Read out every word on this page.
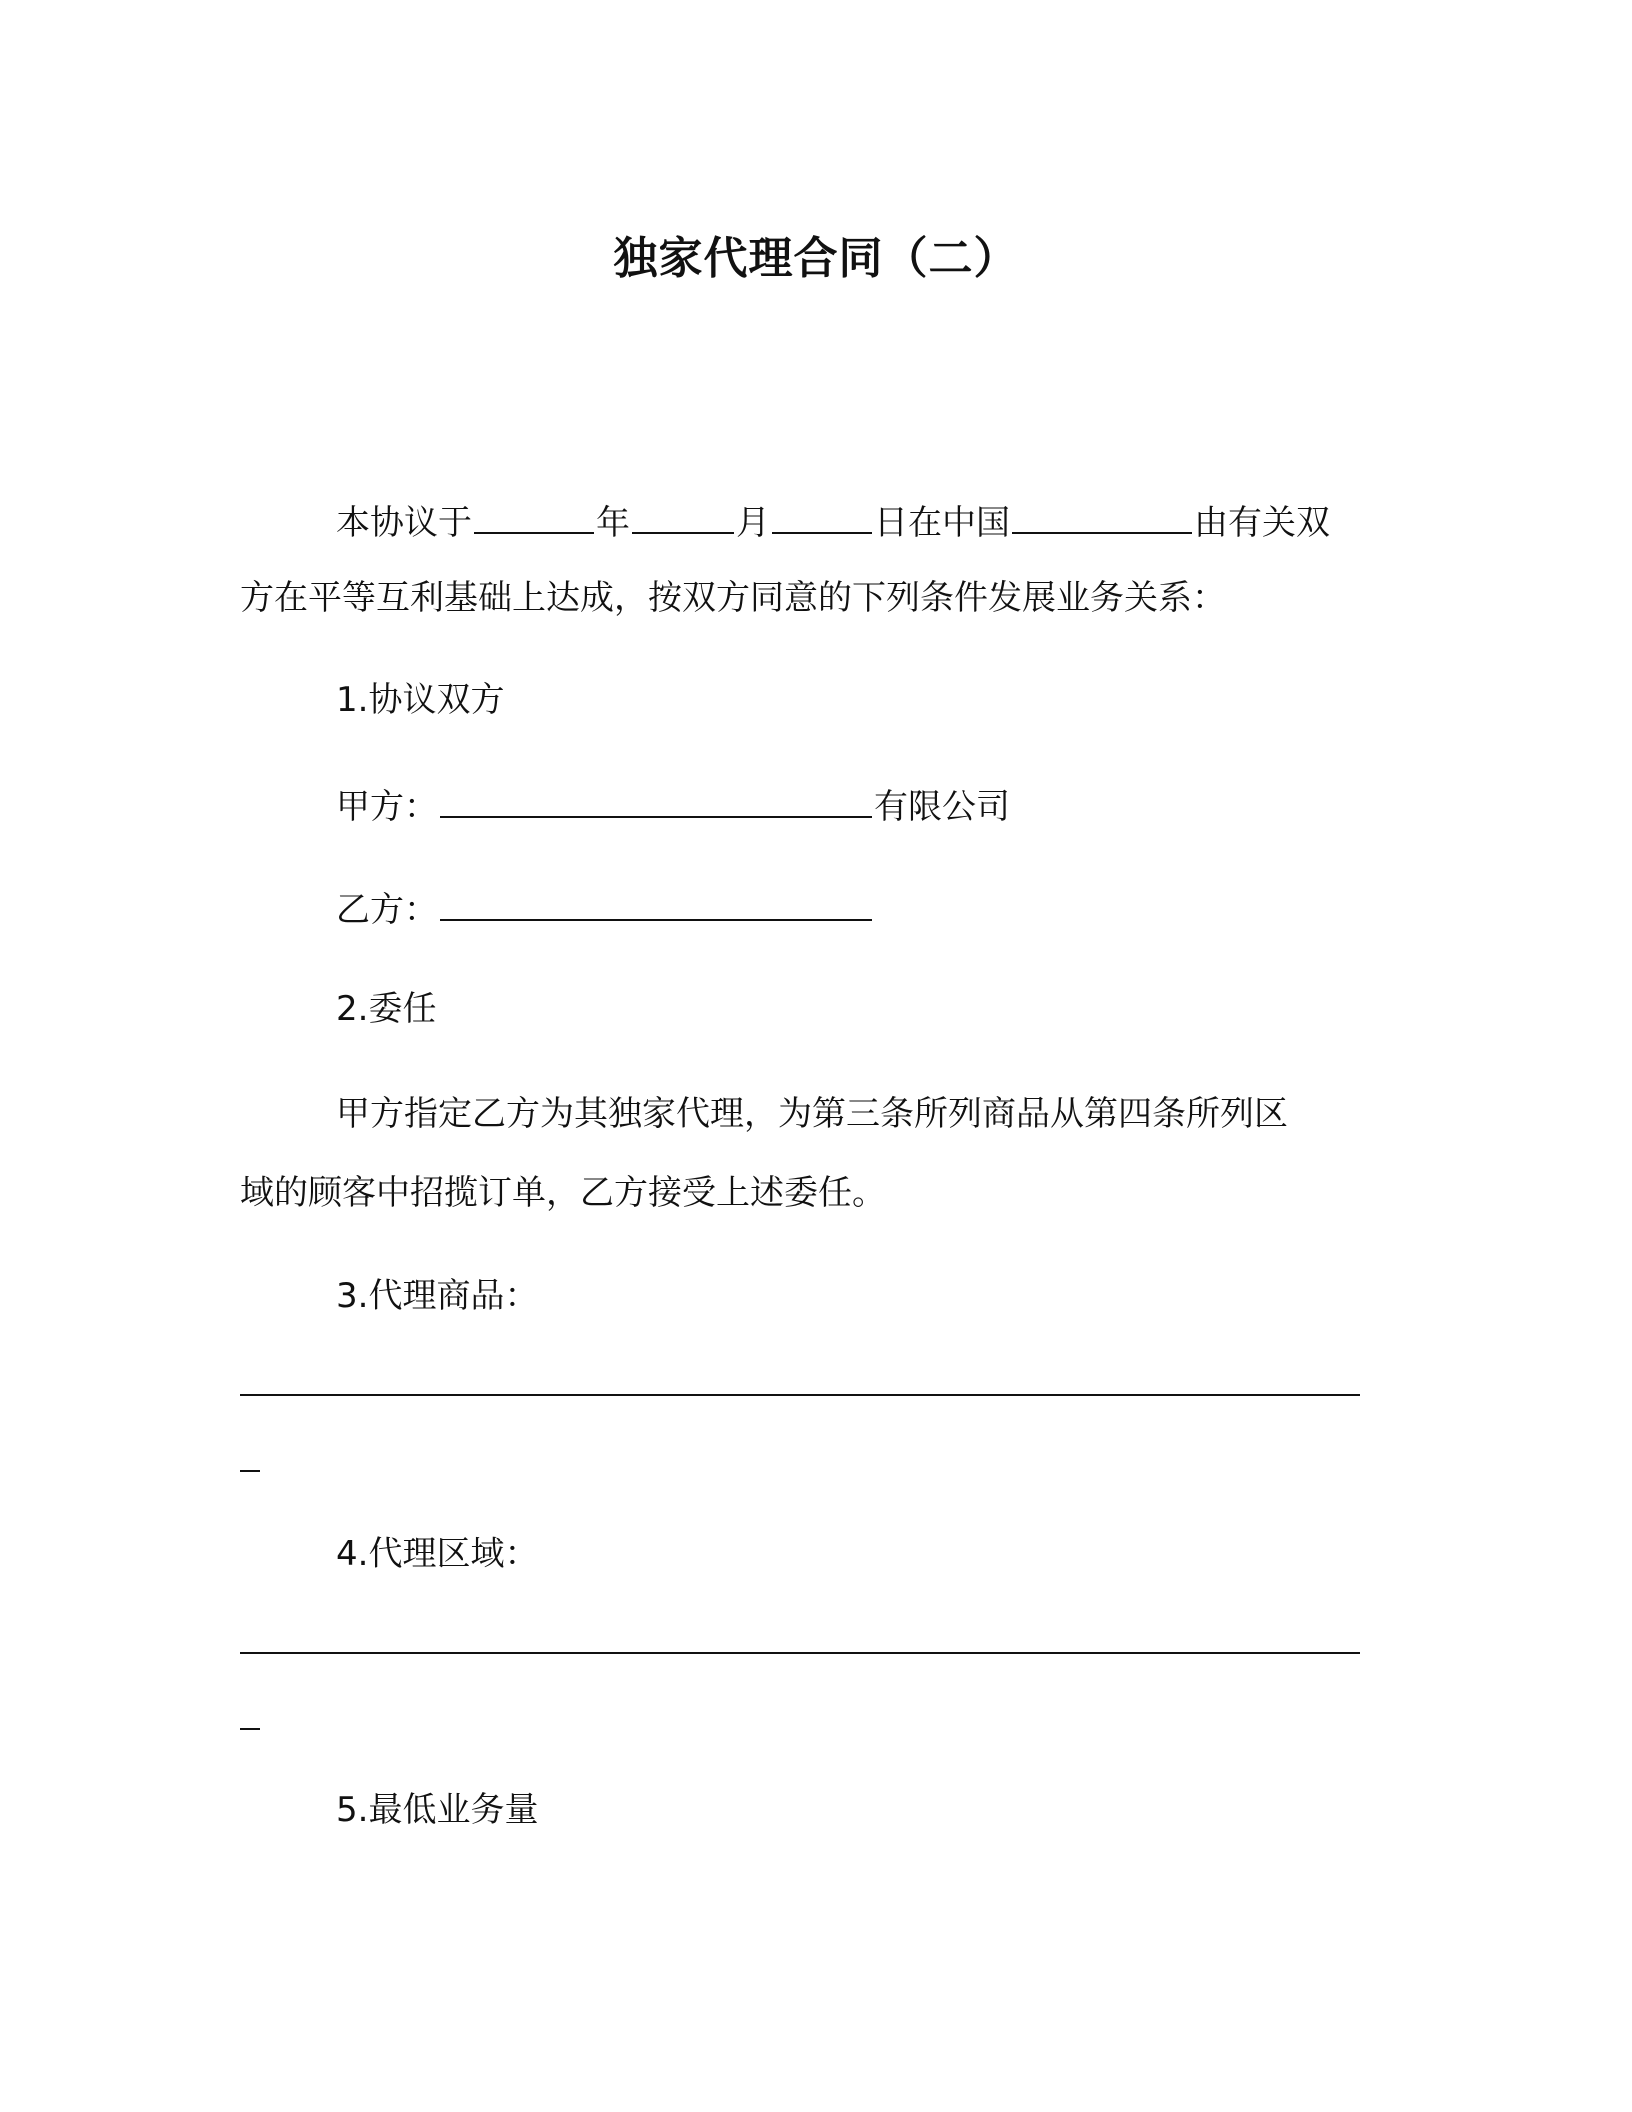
独家代理合同（二）
本协议于	年	月	日在中国	由有关双
方在平等互利基础上达成，按双方同意的下列条件发展业务关系：
1.协议双方
甲方：	有限公司
乙方：
2.委任
甲方指定乙方为其独家代理，为第三条所列商品从第四条所列区
域的顾客中招揽订单，乙方接受上述委任。
3.代理商品：
4.代理区域：
5.最低业务量
